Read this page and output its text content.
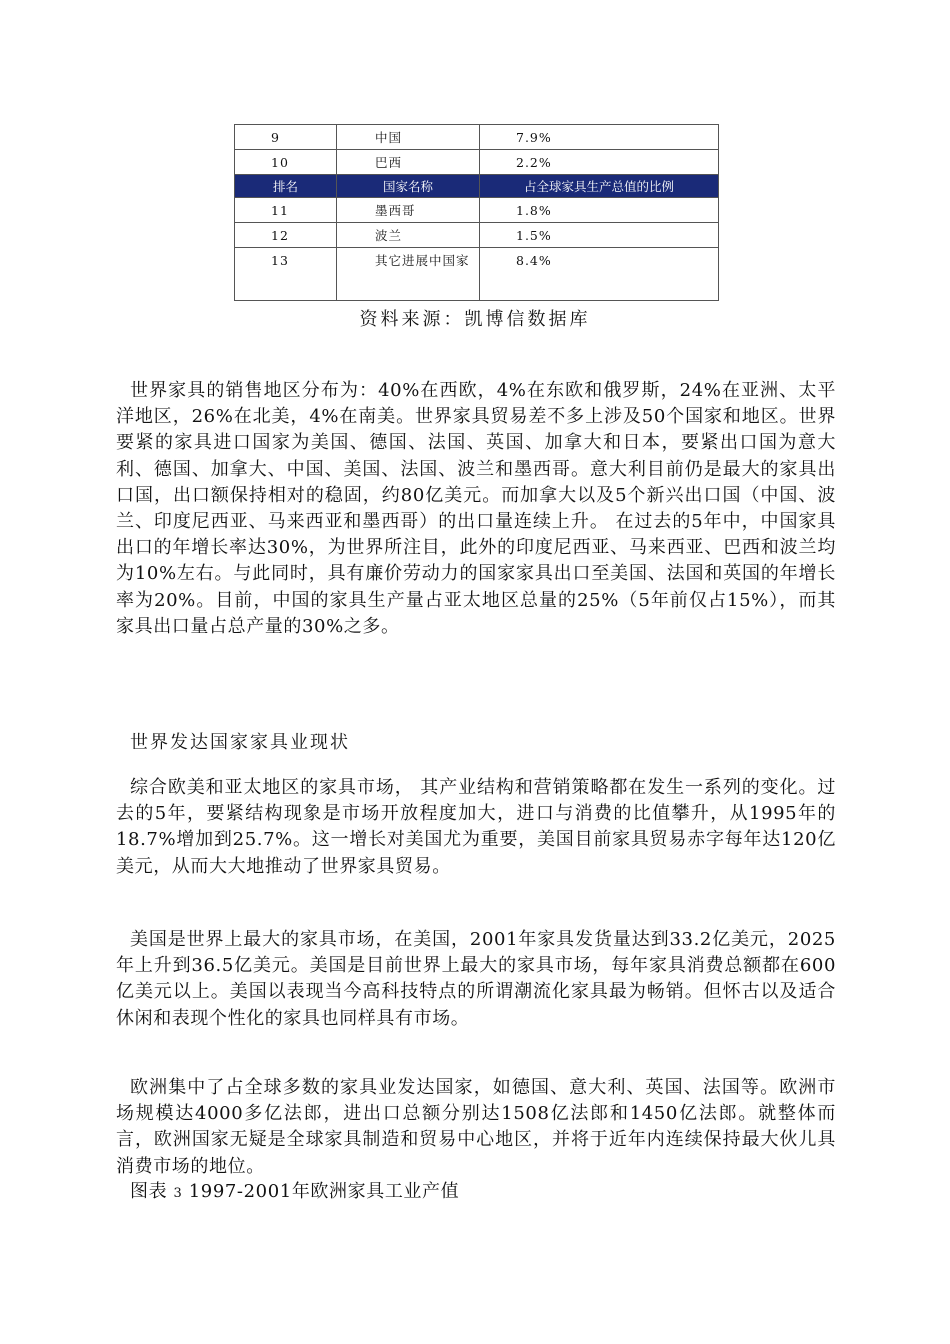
9	中国	7.9%
10	巴西	2.2%
排名	国家名称	占全球家具生产总值的比例
11	墨西哥	1.8%
12	波兰	1.5%
13	其它进展中国家	8.4%
资料来源：凯博信数据库

世界家具的销售地区分布为：40%在西欧，4%在东欧和俄罗斯，24%在亚洲、太平洋地区，26%在北美，4%在南美。世界家具贸易差不多上涉及50个国家和地区。世界要紧的家具进口国家为美国、德国、法国、英国、加拿大和日本，要紧出口国为意大利、德国、加拿大、中国、美国、法国、波兰和墨西哥。意大利目前仍是最大的家具出口国，出口额保持相对的稳固，约80亿美元。而加拿大以及5个新兴出口国（中国、波兰、印度尼西亚、马来西亚和墨西哥）的出口量连续上升。 在过去的5年中，中国家具出口的年增长率达30%，为世界所注目，此外的印度尼西亚、马来西亚、巴西和波兰均为10%左右。与此同时，具有廉价劳动力的国家家具出口至美国、法国和英国的年增长率为20%。目前，中国的家具生产量占亚太地区总量的25%（5年前仅占15%），而其家具出口量占总产量的30%之多。

世界发达国家家具业现状

综合欧美和亚太地区的家具市场， 其产业结构和营销策略都在发生一系列的变化。过去的5年，要紧结构现象是市场开放程度加大，进口与消费的比值攀升，从1995年的18.7%增加到25.7%。这一增长对美国尤为重要，美国目前家具贸易赤字每年达120亿美元，从而大大地推动了世界家具贸易。

美国是世界上最大的家具市场，在美国，2001年家具发货量达到33.2亿美元，2025年上升到36.5亿美元。美国是目前世界上最大的家具市场，每年家具消费总额都在600亿美元以上。美国以表现当今高科技特点的所谓潮流化家具最为畅销。但怀古以及适合休闲和表现个性化的家具也同样具有市场。

欧洲集中了占全球多数的家具业发达国家，如德国、意大利、英国、法国等。欧洲市场规模达4000多亿法郎，进出口总额分别达1508亿法郎和1450亿法郎。就整体而言，欧洲国家无疑是全球家具制造和贸易中心地区，并将于近年内连续保持最大伙儿具消费市场的地位。

图表 3 1997-2001年欧洲家具工业产值
